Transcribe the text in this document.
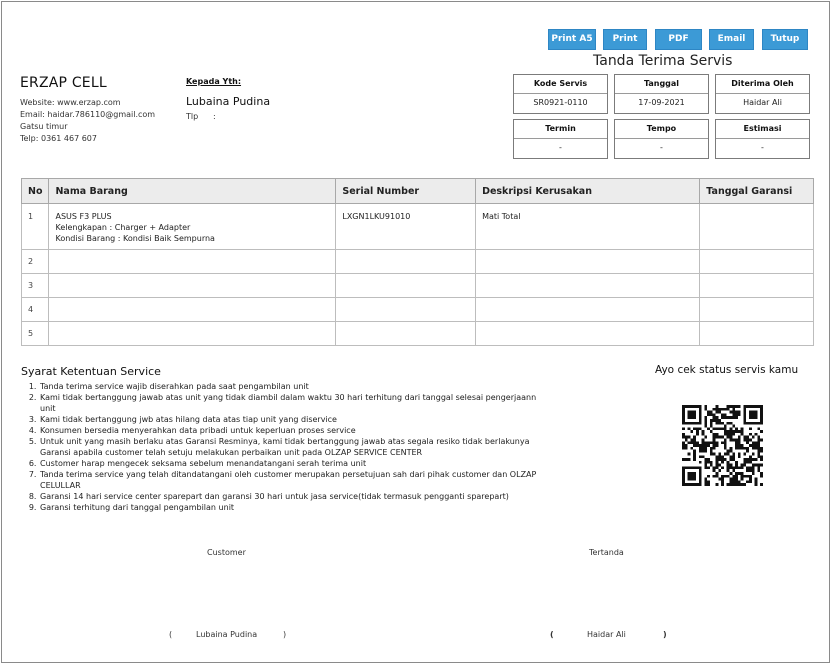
Print A5	Print	PDF	Email	Tutup
Tanda Terima Servis
ERZAP CELL
Website: www.erzap.com
Email: haidar.786110@gmail.com
Gatsu timur
Telp: 0361 467 607
Kepada Yth:
Lubaina Pudina
Tlp :
Kode Servis
SR0921-0110
Tanggal
17-09-2021
Diterima Oleh
Haidar Ali
Termin
-
Tempo
-
Estimasi
-
No	Nama Barang	Serial Number	Deskripsi Kerusakan	Tanggal Garansi
1	ASUS F3 PLUS
Kelengkapan : Charger + Adapter
Kondisi Barang : Kondisi Baik Sempurna	LXGN1LKU91010	Mati Total	
2				
3				
4				
5				
Syarat Ketentuan Service
1. Tanda terima service wajib diserahkan pada saat pengambilan unit
2. Kami tidak bertanggung jawab atas unit yang tidak diambil dalam waktu 30 hari terhitung dari tanggal selesai pengerjaann unit
3. Kami tidak bertanggung jwb atas hilang data atas tiap unit yang diservice
4. Konsumen bersedia menyerahkan data pribadi untuk keperluan proses service
5. Untuk unit yang masih berlaku atas Garansi Resminya, kami tidak bertanggung jawab atas segala resiko tidak berlakunya Garansi apabila customer telah setuju melakukan perbaikan unit pada OLZAP SERVICE CENTER
6. Customer harap mengecek seksama sebelum menandatangani serah terima unit
7. Tanda terima service yang telah ditandatangani oleh customer merupakan persetujuan sah dari pihak customer dan OLZAP CELULLAR
8. Garansi 14 hari service center sparepart dan garansi 30 hari untuk jasa service(tidak termasuk pengganti sparepart)
9. Garansi terhitung dari tanggal pengambilan unit
Ayo cek status servis kamu
Customer	Tertanda
(	Lubaina Pudina	)	(	Haidar Ali	)
